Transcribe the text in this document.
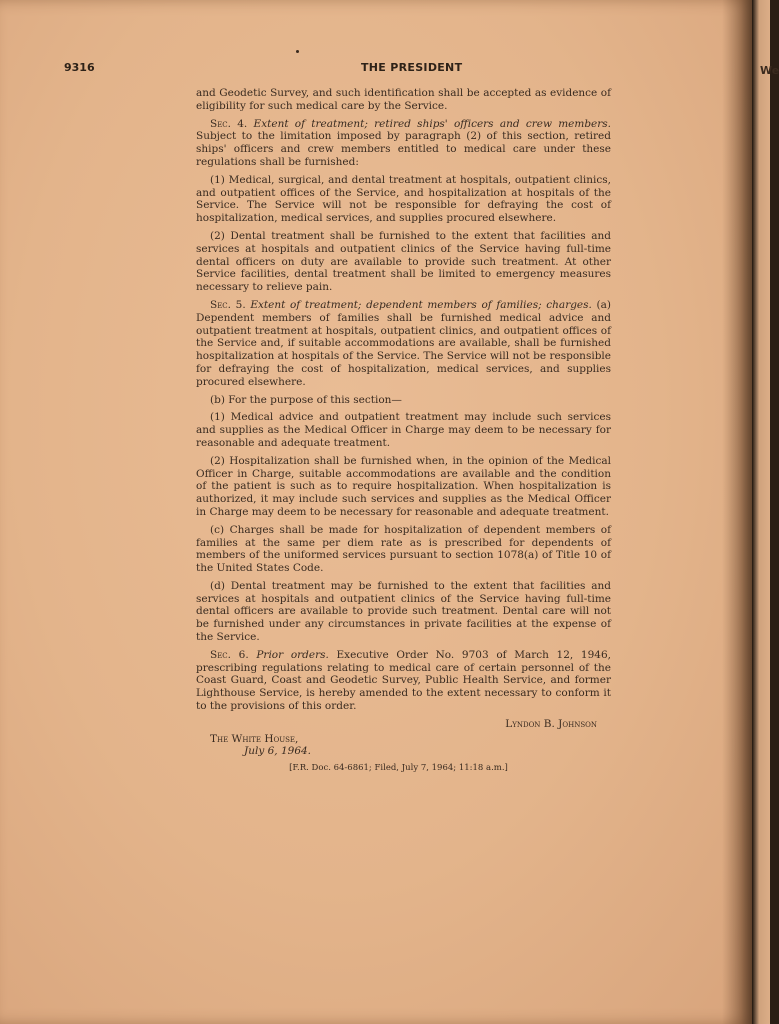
9316	THE PRESIDENT

and Geodetic Survey, and such identification shall be accepted as evidence of eligibility for such medical care by the Service.

Sec. 4. Extent of treatment; retired ships' officers and crew members. Subject to the limitation imposed by paragraph (2) of this section, retired ships' officers and crew members entitled to medical care under these regulations shall be furnished:

(1) Medical, surgical, and dental treatment at hospitals, outpatient clinics, and outpatient offices of the Service, and hospitalization at hospitals of the Service. The Service will not be responsible for defraying the cost of hospitalization, medical services, and supplies procured elsewhere.

(2) Dental treatment shall be furnished to the extent that facilities and services at hospitals and outpatient clinics of the Service having full-time dental officers on duty are available to provide such treatment. At other Service facilities, dental treatment shall be limited to emergency measures necessary to relieve pain.

Sec. 5. Extent of treatment; dependent members of families; charges. (a) Dependent members of families shall be furnished medical advice and outpatient treatment at hospitals, outpatient clinics, and outpatient offices of the Service and, if suitable accommodations are available, shall be furnished hospitalization at hospitals of the Service. The Service will not be responsible for defraying the cost of hospitalization, medical services, and supplies procured elsewhere.

(b) For the purpose of this section—

(1) Medical advice and outpatient treatment may include such services and supplies as the Medical Officer in Charge may deem to be necessary for reasonable and adequate treatment.

(2) Hospitalization shall be furnished when, in the opinion of the Medical Officer in Charge, suitable accommodations are available and the condition of the patient is such as to require hospitalization. When hospitalization is authorized, it may include such services and supplies as the Medical Officer in Charge may deem to be necessary for reasonable and adequate treatment.

(c) Charges shall be made for hospitalization of dependent members of families at the same per diem rate as is prescribed for dependents of members of the uniformed services pursuant to section 1078(a) of Title 10 of the United States Code.

(d) Dental treatment may be furnished to the extent that facilities and services at hospitals and outpatient clinics of the Service having full-time dental officers are available to provide such treatment. Dental care will not be furnished under any circumstances in private facilities at the expense of the Service.

Sec. 6. Prior orders. Executive Order No. 9703 of March 12, 1946, prescribing regulations relating to medical care of certain personnel of the Coast Guard, Coast and Geodetic Survey, Public Health Service, and former Lighthouse Service, is hereby amended to the extent necessary to conform it to the provisions of this order.

Lyndon B. Johnson
The White House,
July 6, 1964.
[F.R. Doc. 64-6861; Filed, July 7, 1964; 11:18 a.m.]
We
